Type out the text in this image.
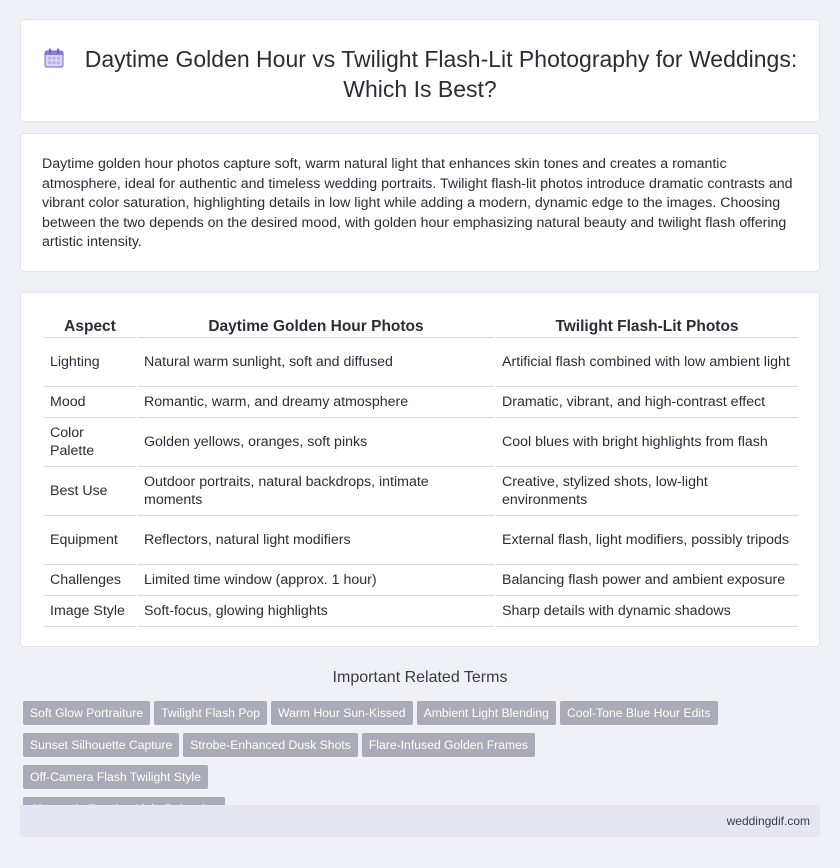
Daytime Golden Hour vs Twilight Flash-Lit Photography for Weddings: Which Is Best?

Daytime golden hour photos capture soft, warm natural light that enhances skin tones and creates a romantic atmosphere, ideal for authentic and timeless wedding portraits. Twilight flash-lit photos introduce dramatic contrasts and vibrant color saturation, highlighting details in low light while adding a modern, dynamic edge to the images. Choosing between the two depends on the desired mood, with golden hour emphasizing natural beauty and twilight flash offering artistic intensity.

Aspect	Daytime Golden Hour Photos	Twilight Flash-Lit Photos
Lighting	Natural warm sunlight, soft and diffused	Artificial flash combined with low ambient light
Mood	Romantic, warm, and dreamy atmosphere	Dramatic, vibrant, and high-contrast effect
Color Palette	Golden yellows, oranges, soft pinks	Cool blues with bright highlights from flash
Best Use	Outdoor portraits, natural backdrops, intimate moments	Creative, stylized shots, low-light environments
Equipment	Reflectors, natural light modifiers	External flash, light modifiers, possibly tripods
Challenges	Limited time window (approx. 1 hour)	Balancing flash power and ambient exposure
Image Style	Soft-focus, glowing highlights	Sharp details with dynamic shadows
Important Related Terms
Soft Glow Portraiture Twilight Flash Pop Warm Hour Sun-Kissed Ambient Light Blending Cool-Tone Blue Hour Edits
Sunset Silhouette Capture Strobe-Enhanced Dusk Shots Flare-Infused Golden FramesOff-Camera Flash Twilight Style

weddingdif.com
